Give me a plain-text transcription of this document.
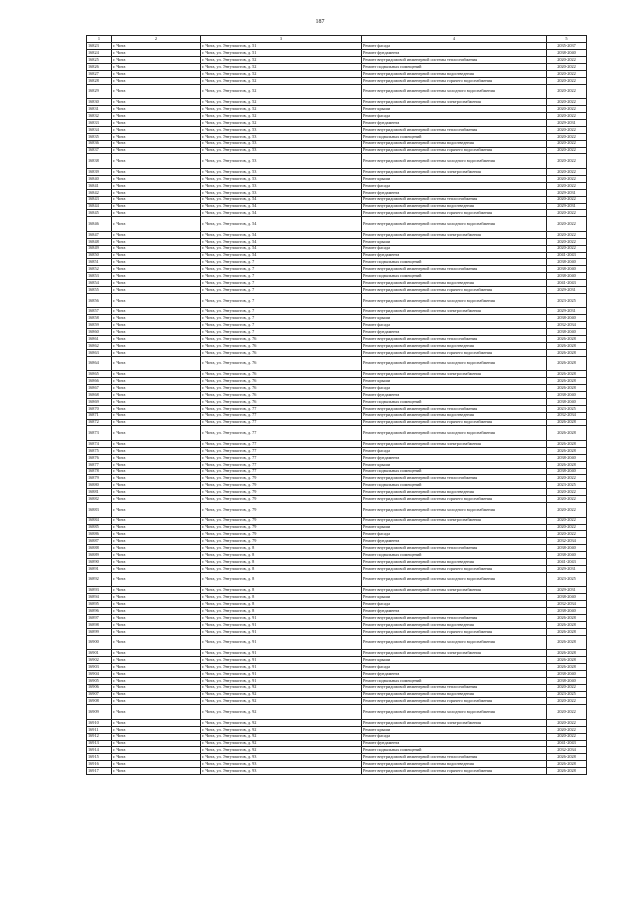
187
1	2	3	4	5
16823	г. Чита	г. Чита, ул. Энтузиастов, д. 51	Ремонт фасада	2035-2037
16824	г. Чита	г. Чита, ул. Энтузиастов, д. 51	Ремонт фундамента	2038-2040
16825	г. Чита	г. Чита, ул. Энтузиастов, д. 52	Ремонт внутридомовой инженерной системы теплоснабжения	2020-2022
16826	г. Чита	г. Чита, ул. Энтузиастов, д. 52	Ремонт подвальных помещений	2020-2022
16827	г. Чита	г. Чита, ул. Энтузиастов, д. 52	Ремонт внутридомовой инженерной системы водоотведения	2020-2022
16828	г. Чита	г. Чита, ул. Энтузиастов, д. 52	Ремонт внутридомовой инженерной системы горячего водоснабжения	2020-2022
16829	г. Чита	г. Чита, ул. Энтузиастов, д. 52	Ремонт внутридомовой инженерной системы холодного водоснабжения	2020-2022
16830	г. Чита	г. Чита, ул. Энтузиастов, д. 52	Ремонт внутридомовой инженерной системы электроснабжения	2020-2022
16831	г. Чита	г. Чита, ул. Энтузиастов, д. 52	Ремонт крыши	2020-2022
16832	г. Чита	г. Чита, ул. Энтузиастов, д. 52	Ремонт фасада	2020-2022
16833	г. Чита	г. Чита, ул. Энтузиастов, д. 52	Ремонт фундамента	2029-2031
16834	г. Чита	г. Чита, ул. Энтузиастов, д. 53	Ремонт внутридомовой инженерной системы теплоснабжения	2020-2022
16835	г. Чита	г. Чита, ул. Энтузиастов, д. 53	Ремонт подвальных помещений	2020-2022
16836	г. Чита	г. Чита, ул. Энтузиастов, д. 53	Ремонт внутридомовой инженерной системы водоотведения	2020-2022
16837	г. Чита	г. Чита, ул. Энтузиастов, д. 53	Ремонт внутридомовой инженерной системы горячего водоснабжения	2020-2022
16838	г. Чита	г. Чита, ул. Энтузиастов, д. 53	Ремонт внутридомовой инженерной системы холодного водоснабжения	2020-2022
16839	г. Чита	г. Чита, ул. Энтузиастов, д. 53	Ремонт внутридомовой инженерной системы электроснабжения	2020-2022
16840	г. Чита	г. Чита, ул. Энтузиастов, д. 53	Ремонт крыши	2020-2022
16841	г. Чита	г. Чита, ул. Энтузиастов, д. 53	Ремонт фасада	2020-2022
16842	г. Чита	г. Чита, ул. Энтузиастов, д. 53	Ремонт фундамента	2029-2031
16843	г. Чита	г. Чита, ул. Энтузиастов, д. 54	Ремонт внутридомовой инженерной системы теплоснабжения	2020-2022
16844	г. Чита	г. Чита, ул. Энтузиастов, д. 54	Ремонт внутридомовой инженерной системы водоотведения	2029-2031
16845	г. Чита	г. Чита, ул. Энтузиастов, д. 54	Ремонт внутридомовой инженерной системы горячего водоснабжения	2020-2022
16846	г. Чита	г. Чита, ул. Энтузиастов, д. 54	Ремонт внутридомовой инженерной системы холодного водоснабжения	2020-2022
16847	г. Чита	г. Чита, ул. Энтузиастов, д. 54	Ремонт внутридомовой инженерной системы электроснабжения	2020-2022
16848	г. Чита	г. Чита, ул. Энтузиастов, д. 54	Ремонт крыши	2020-2022
16849	г. Чита	г. Чита, ул. Энтузиастов, д. 54	Ремонт фасада	2020-2022
16850	г. Чита	г. Чита, ул. Энтузиастов, д. 54	Ремонт фундамента	2041-2043
16851	г. Чита	г. Чита, ул. Энтузиастов, д. 7	Ремонт подвальных помещений	2038-2040
16852	г. Чита	г. Чита, ул. Энтузиастов, д. 7	Ремонт внутридомовой инженерной системы теплоснабжения	2038-2040
16853	г. Чита	г. Чита, ул. Энтузиастов, д. 7	Ремонт подвальных помещений	2038-2040
16854	г. Чита	г. Чита, ул. Энтузиастов, д. 7	Ремонт внутридомовой инженерной системы водоотведения	2041-2043
16855	г. Чита	г. Чита, ул. Энтузиастов, д. 7	Ремонт внутридомовой инженерной системы горячего водоснабжения	2029-2031
16856	г. Чита	г. Чита, ул. Энтузиастов, д. 7	Ремонт внутридомовой инженерной системы холодного водоснабжения	2023-2025
16857	г. Чита	г. Чита, ул. Энтузиастов, д. 7	Ремонт внутридомовой инженерной системы электроснабжения	2029-2031
16858	г. Чита	г. Чита, ул. Энтузиастов, д. 7	Ремонт крыши	2038-2040
16859	г. Чита	г. Чита, ул. Энтузиастов, д. 7	Ремонт фасада	2032-2034
16860	г. Чита	г. Чита, ул. Энтузиастов, д. 7	Ремонт фундамента	2038-2040
16861	г. Чита	г. Чита, ул. Энтузиастов, д. 76	Ремонт внутридомовой инженерной системы теплоснабжения	2026-2028
16862	г. Чита	г. Чита, ул. Энтузиастов, д. 76	Ремонт внутридомовой инженерной системы водоотведения	2026-2028
16863	г. Чита	г. Чита, ул. Энтузиастов, д. 76	Ремонт внутридомовой инженерной системы горячего водоснабжения	2026-2028
16864	г. Чита	г. Чита, ул. Энтузиастов, д. 76	Ремонт внутридомовой инженерной системы холодного водоснабжения	2026-2028
16865	г. Чита	г. Чита, ул. Энтузиастов, д. 76	Ремонт внутридомовой инженерной системы электроснабжения	2026-2028
16866	г. Чита	г. Чита, ул. Энтузиастов, д. 76	Ремонт крыши	2026-2028
16867	г. Чита	г. Чита, ул. Энтузиастов, д. 76	Ремонт фасада	2026-2028
16868	г. Чита	г. Чита, ул. Энтузиастов, д. 76	Ремонт фундамента	2038-2040
16869	г. Чита	г. Чита, ул. Энтузиастов, д. 76	Ремонт подвальных помещений	2038-2040
16870	г. Чита	г. Чита, ул. Энтузиастов, д. 77	Ремонт внутридомовой инженерной системы теплоснабжения	2023-2025
16871	г. Чита	г. Чита, ул. Энтузиастов, д. 77	Ремонт внутридомовой инженерной системы водоотведения	2032-2034
16872	г. Чита	г. Чита, ул. Энтузиастов, д. 77	Ремонт внутридомовой инженерной системы горячего водоснабжения	2026-2028
16873	г. Чита	г. Чита, ул. Энтузиастов, д. 77	Ремонт внутридомовой инженерной системы холодного водоснабжения	2026-2028
16874	г. Чита	г. Чита, ул. Энтузиастов, д. 77	Ремонт внутридомовой инженерной системы электроснабжения	2026-2028
16875	г. Чита	г. Чита, ул. Энтузиастов, д. 77	Ремонт фасада	2026-2028
16876	г. Чита	г. Чита, ул. Энтузиастов, д. 77	Ремонт фундамента	2038-2040
16877	г. Чита	г. Чита, ул. Энтузиастов, д. 77	Ремонт крыши	2026-2028
16878	г. Чита	г. Чита, ул. Энтузиастов, д. 77	Ремонт подвальных помещений	2038-2040
16879	г. Чита	г. Чита, ул. Энтузиастов, д. 79	Ремонт внутридомовой инженерной системы теплоснабжения	2020-2022
16880	г. Чита	г. Чита, ул. Энтузиастов, д. 79	Ремонт подвальных помещений	2023-2025
16881	г. Чита	г. Чита, ул. Энтузиастов, д. 79	Ремонт внутридомовой инженерной системы водоотведения	2020-2022
16882	г. Чита	г. Чита, ул. Энтузиастов, д. 79	Ремонт внутридомовой инженерной системы горячего водоснабжения	2020-2022
16883	г. Чита	г. Чита, ул. Энтузиастов, д. 79	Ремонт внутридомовой инженерной системы холодного водоснабжения	2020-2022
16884	г. Чита	г. Чита, ул. Энтузиастов, д. 79	Ремонт внутридомовой инженерной системы электроснабжения	2020-2022
16885	г. Чита	г. Чита, ул. Энтузиастов, д. 79	Ремонт крыши	2020-2022
16886	г. Чита	г. Чита, ул. Энтузиастов, д. 79	Ремонт фасада	2020-2022
16887	г. Чита	г. Чита, ул. Энтузиастов, д. 79	Ремонт фундамента	2032-2034
16888	г. Чита	г. Чита, ул. Энтузиастов, д. 8	Ремонт внутридомовой инженерной системы теплоснабжения	2038-2040
16889	г. Чита	г. Чита, ул. Энтузиастов, д. 8	Ремонт подвальных помещений	2038-2040
16890	г. Чита	г. Чита, ул. Энтузиастов, д. 8	Ремонт внутридомовой инженерной системы водоотведения	2041-2043
16891	г. Чита	г. Чита, ул. Энтузиастов, д. 8	Ремонт внутридомовой инженерной системы горячего водоснабжения	2029-2031
16892	г. Чита	г. Чита, ул. Энтузиастов, д. 8	Ремонт внутридомовой инженерной системы холодного водоснабжения	2023-2025
16893	г. Чита	г. Чита, ул. Энтузиастов, д. 8	Ремонт внутридомовой инженерной системы электроснабжения	2029-2031
16894	г. Чита	г. Чита, ул. Энтузиастов, д. 8	Ремонт крыши	2038-2040
16895	г. Чита	г. Чита, ул. Энтузиастов, д. 8	Ремонт фасада	2032-2034
16896	г. Чита	г. Чита, ул. Энтузиастов, д. 8	Ремонт фундамента	2038-2040
16897	г. Чита	г. Чита, ул. Энтузиастов, д. 91	Ремонт внутридомовой инженерной системы теплоснабжения	2026-2028
16898	г. Чита	г. Чита, ул. Энтузиастов, д. 91	Ремонт внутридомовой инженерной системы водоотведения	2026-2028
16899	г. Чита	г. Чита, ул. Энтузиастов, д. 91	Ремонт внутридомовой инженерной системы горячего водоснабжения	2026-2028
16900	г. Чита	г. Чита, ул. Энтузиастов, д. 91	Ремонт внутридомовой инженерной системы холодного водоснабжения	2026-2028
16901	г. Чита	г. Чита, ул. Энтузиастов, д. 91	Ремонт внутридомовой инженерной системы электроснабжения	2026-2028
16902	г. Чита	г. Чита, ул. Энтузиастов, д. 91	Ремонт крыши	2026-2028
16903	г. Чита	г. Чита, ул. Энтузиастов, д. 91	Ремонт фасада	2026-2028
16904	г. Чита	г. Чита, ул. Энтузиастов, д. 91	Ремонт фундамента	2038-2040
16905	г. Чита	г. Чита, ул. Энтузиастов, д. 91	Ремонт подвальных помещений	2038-2040
16906	г. Чита	г. Чита, ул. Энтузиастов, д. 92	Ремонт внутридомовой инженерной системы теплоснабжения	2020-2022
16907	г. Чита	г. Чита, ул. Энтузиастов, д. 92	Ремонт внутридомовой инженерной системы водоотведения	2023-2025
16908	г. Чита	г. Чита, ул. Энтузиастов, д. 92	Ремонт внутридомовой инженерной системы горячего водоснабжения	2020-2022
16909	г. Чита	г. Чита, ул. Энтузиастов, д. 92	Ремонт внутридомовой инженерной системы холодного водоснабжения	2020-2022
16910	г. Чита	г. Чита, ул. Энтузиастов, д. 92	Ремонт внутридомовой инженерной системы электроснабжения	2020-2022
16911	г. Чита	г. Чита, ул. Энтузиастов, д. 92	Ремонт крыши	2020-2022
16912	г. Чита	г. Чита, ул. Энтузиастов, д. 92	Ремонт фасада	2020-2022
16913	г. Чита	г. Чита, ул. Энтузиастов, д. 92	Ремонт фундамента	2041-2043
16914	г. Чита	г. Чита, ул. Энтузиастов, д. 92	Ремонт подвальных помещений	2032-2034
16915	г. Чита	г. Чита, ул. Энтузиастов, д. 93	Ремонт внутридомовой инженерной системы теплоснабжения	2026-2028
16916	г. Чита	г. Чита, ул. Энтузиастов, д. 93	Ремонт внутридомовой инженерной системы водоотведения	2026-2028
16917	г. Чита	г. Чита, ул. Энтузиастов, д. 93	Ремонт внутридомовой инженерной системы горячего водоснабжения	2026-2028
